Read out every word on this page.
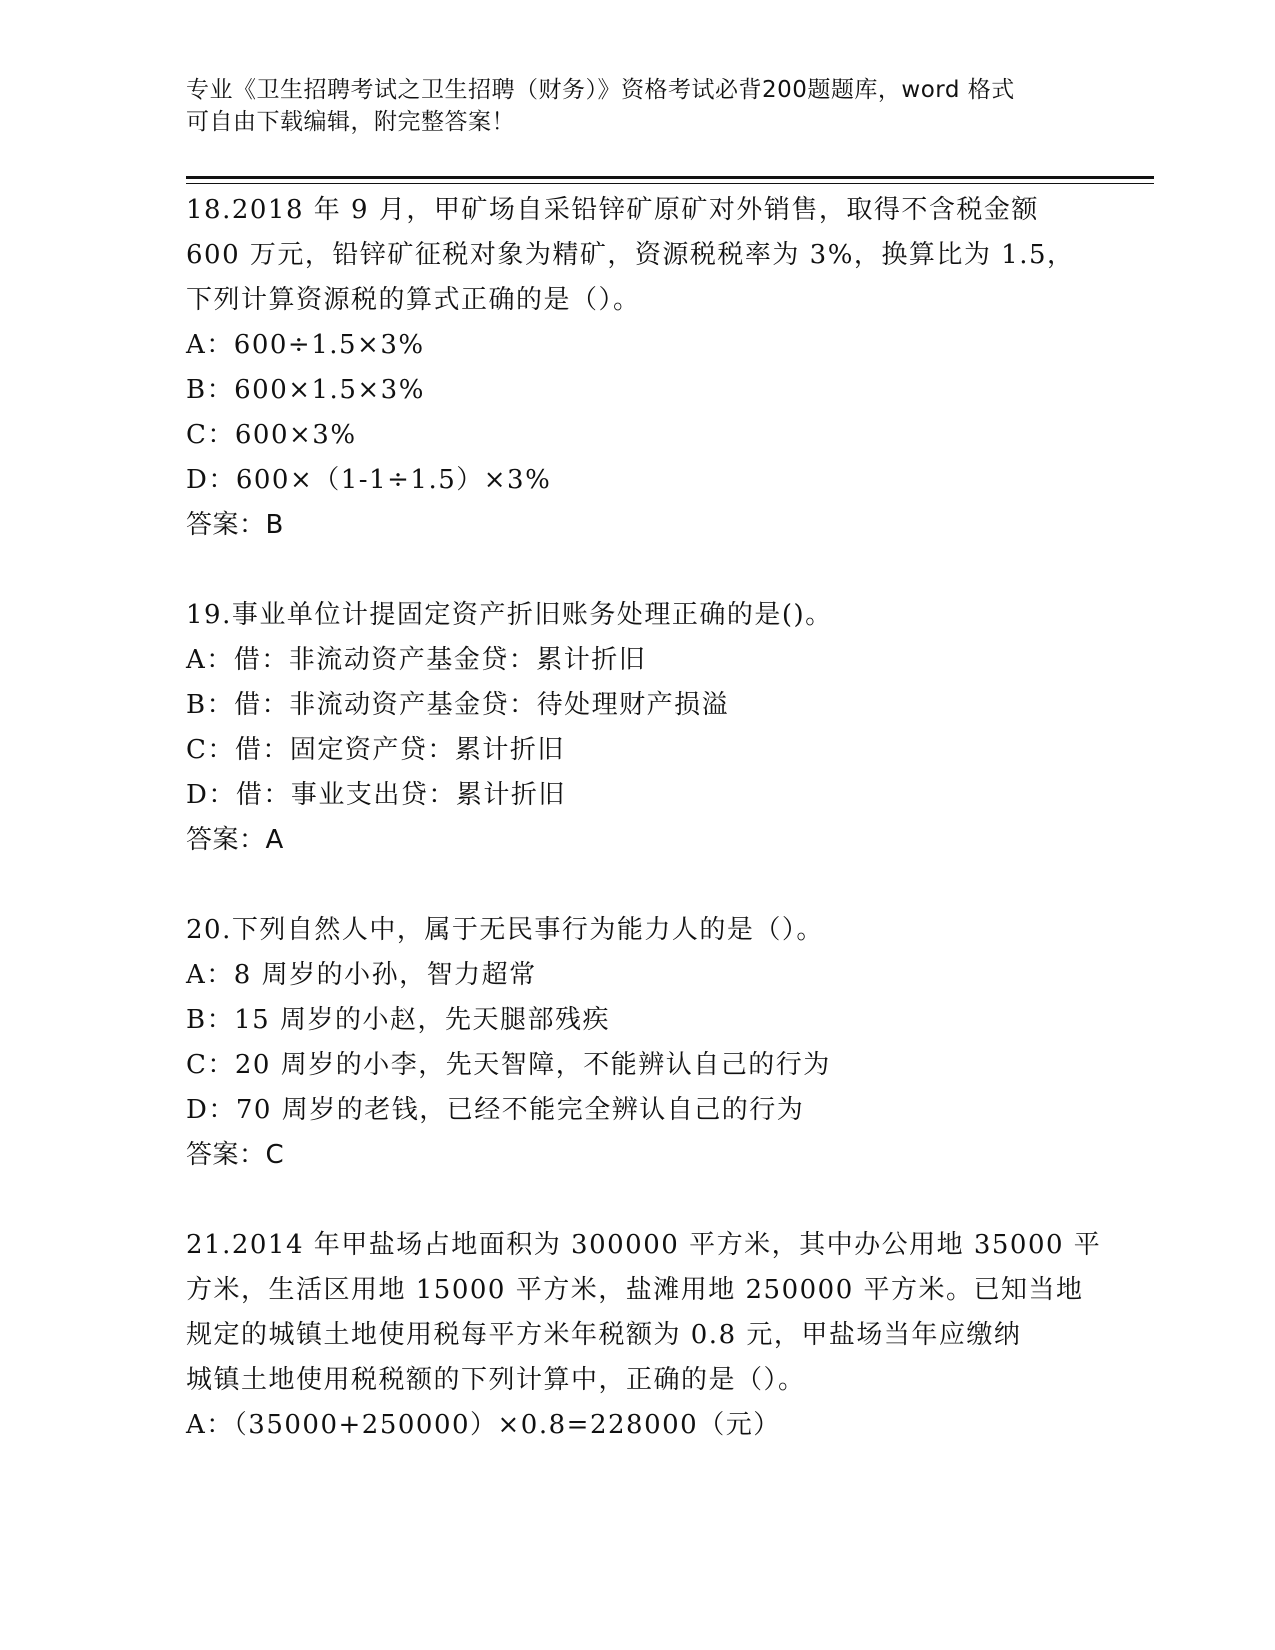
专业《卫生招聘考试之卫生招聘（财务）》资格考试必背200题题库，word 格式

可自由下载编辑，附完整答案！

18.2018 年 9 月，甲矿场自采铅锌矿原矿对外销售，取得不含税金额
600 万元，铅锌矿征税对象为精矿，资源税税率为 3%，换算比为 1.5，
下列计算资源税的算式正确的是（）。
A：600÷1.5×3%
B：600×1.5×3%
C：600×3%
D：600×（1-1÷1.5）×3%
答案：B
19.事业单位计提固定资产折旧账务处理正确的是()。
A：借：非流动资产基金贷：累计折旧
B：借：非流动资产基金贷：待处理财产损溢
C：借：固定资产贷：累计折旧
D：借：事业支出贷：累计折旧
答案：A
20.下列自然人中，属于无民事行为能力人的是（）。
A：8 周岁的小孙，智力超常
B：15 周岁的小赵，先天腿部残疾
C：20 周岁的小李，先天智障，不能辨认自己的行为
D：70 周岁的老钱，已经不能完全辨认自己的行为
答案：C
21.2014 年甲盐场占地面积为 300000 平方米，其中办公用地 35000 平
方米，生活区用地 15000 平方米，盐滩用地 250000 平方米。已知当地
规定的城镇土地使用税每平方米年税额为 0.8 元，甲盐场当年应缴纳
城镇土地使用税税额的下列计算中，正确的是（）。
A：（35000+250000）×0.8=228000（元）
